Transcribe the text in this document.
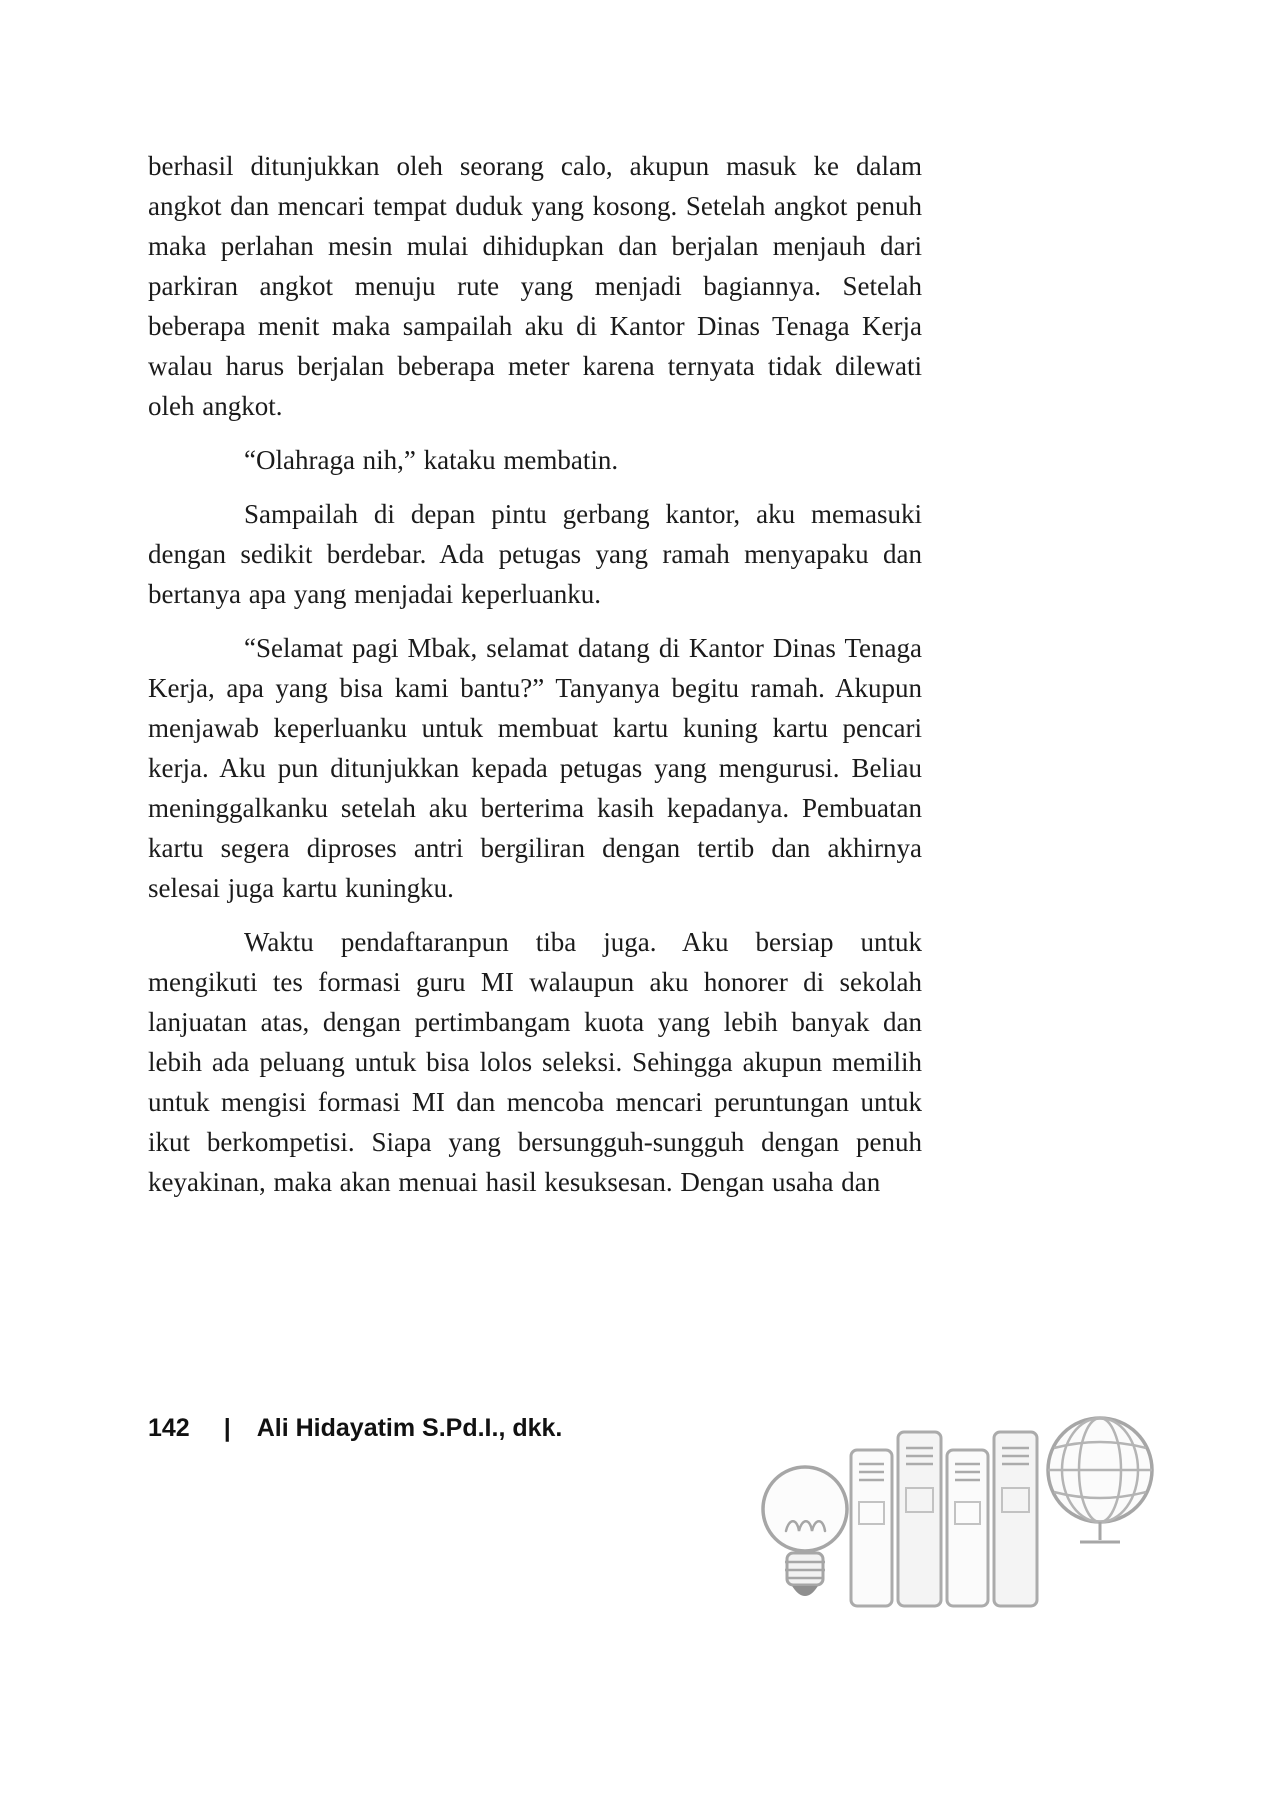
berhasil ditunjukkan oleh seorang calo, akupun masuk ke dalam angkot dan mencari tempat duduk yang kosong. Setelah angkot penuh maka perlahan mesin mulai dihidupkan dan berjalan menjauh dari parkiran angkot menuju rute yang menjadi bagiannya. Setelah beberapa menit maka sampailah aku di Kantor Dinas Tenaga Kerja walau harus berjalan beberapa meter karena ternyata tidak dilewati oleh angkot.

“Olahraga nih,” kataku membatin.

Sampailah di depan pintu gerbang kantor, aku memasuki dengan sedikit berdebar. Ada petugas yang ramah menyapaku dan bertanya apa yang menjadai keperluanku.

“Selamat pagi Mbak, selamat datang di Kantor Dinas Tenaga Kerja, apa yang bisa kami bantu?” Tanyanya begitu ramah. Akupun menjawab keperluanku untuk membuat kartu kuning kartu pencari kerja. Aku pun ditunjukkan kepada petugas yang mengurusi. Beliau meninggalkanku setelah aku berterima kasih kepadanya. Pembuatan kartu segera diproses antri bergiliran dengan tertib dan akhirnya selesai juga kartu kuningku.

Waktu pendaftaranpun tiba juga. Aku bersiap untuk mengikuti tes formasi guru MI walaupun aku honorer di sekolah lanjuatan atas, dengan pertimbangam kuota yang lebih banyak dan lebih ada peluang untuk bisa lolos seleksi. Sehingga akupun memilih untuk mengisi formasi MI dan mencoba mencari peruntungan untuk ikut berkompetisi. Siapa yang bersungguh-sungguh dengan penuh keyakinan, maka akan menuai hasil kesuksesan. Dengan usaha dan

142 | Ali Hidayatim S.Pd.I., dkk.
